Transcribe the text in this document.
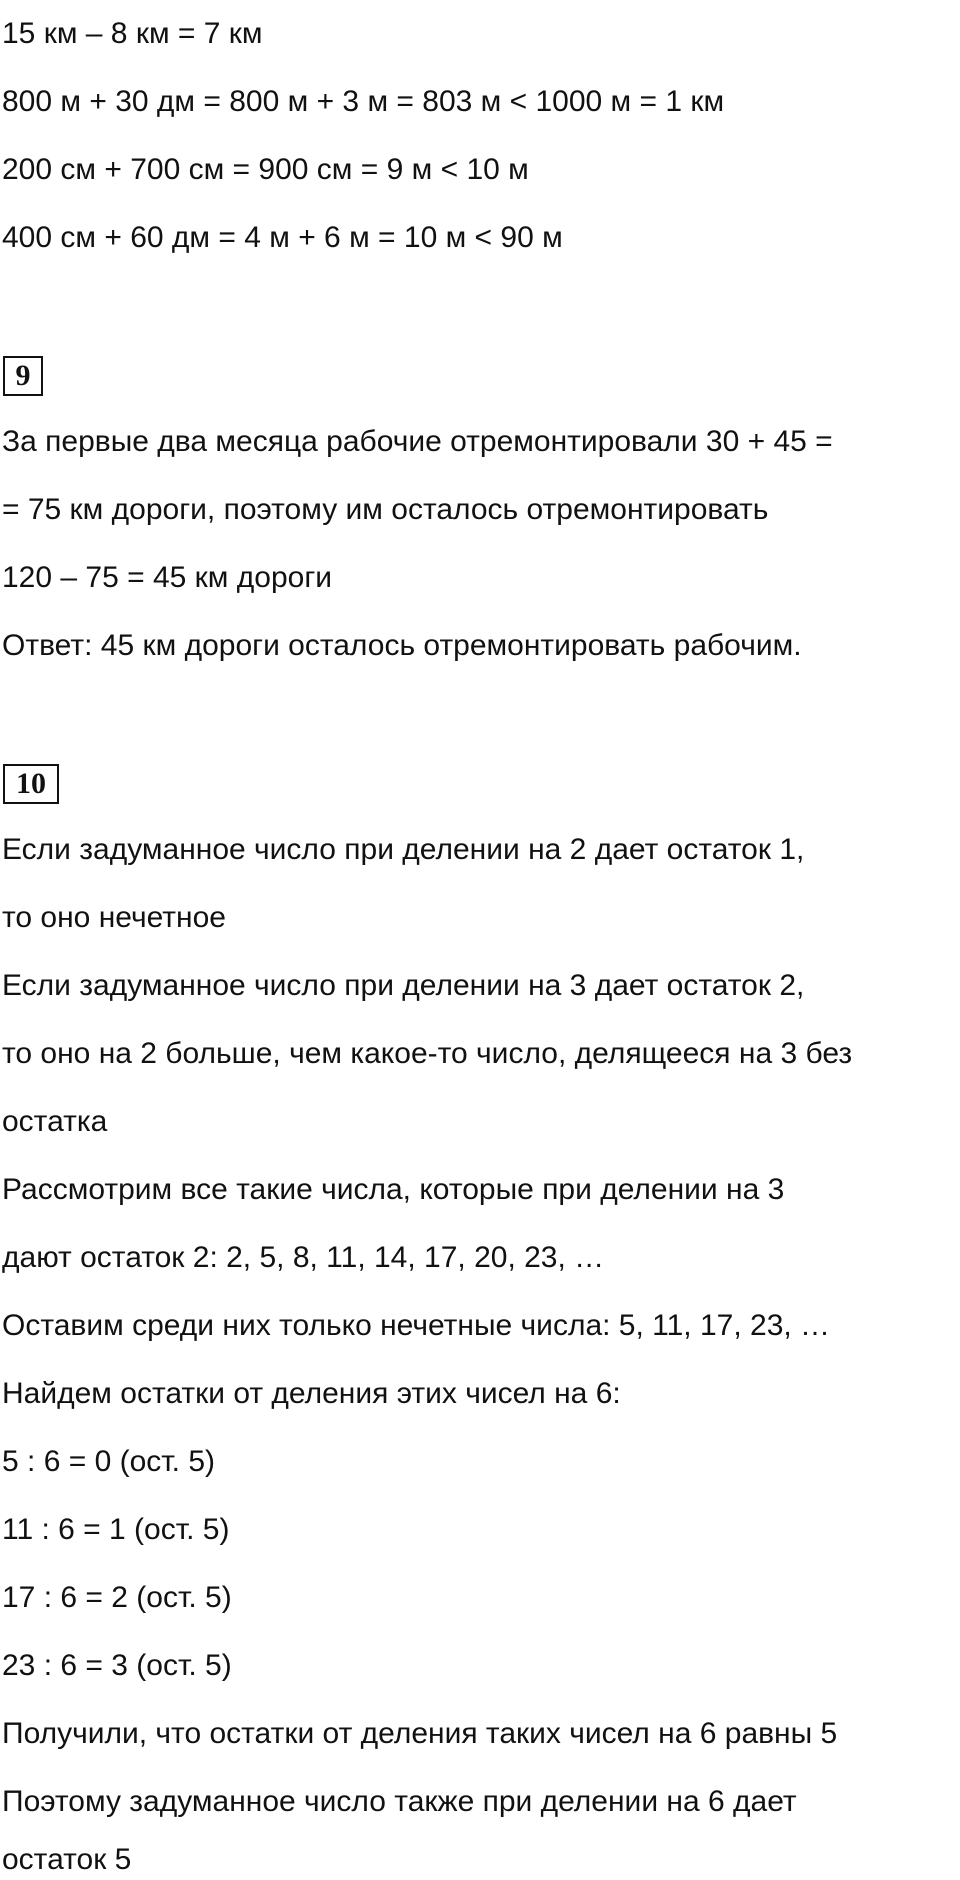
15 км – 8 км = 7 км
800 м + 30 дм = 800 м + 3 м = 803 м < 1000 м = 1 км
200 см + 700 см = 900 см = 9 м < 10 м
400 см + 60 дм = 4 м + 6 м = 10 м < 90 м
9
За первые два месяца рабочие отремонтировали 30 + 45 =
= 75 км дороги, поэтому им осталось отремонтировать
120 – 75 = 45 км дороги
Ответ: 45 км дороги осталось отремонтировать рабочим.
10
Если задуманное число при делении на 2 дает остаток 1,
то оно нечетное
Если задуманное число при делении на 3 дает остаток 2,
то оно на 2 больше, чем какое-то число, делящееся на 3 без
остатка
Рассмотрим все такие числа, которые при делении на 3
дают остаток 2: 2, 5, 8, 11, 14, 17, 20, 23, …
Оставим среди них только нечетные числа: 5, 11, 17, 23, …
Найдем остатки от деления этих чисел на 6:
5 : 6 = 0 (ост. 5)
11 : 6 = 1 (ост. 5)
17 : 6 = 2 (ост. 5)
23 : 6 = 3 (ост. 5)
Получили, что остатки от деления таких чисел на 6 равны 5
Поэтому задуманное число также при делении на 6 дает
остаток 5
